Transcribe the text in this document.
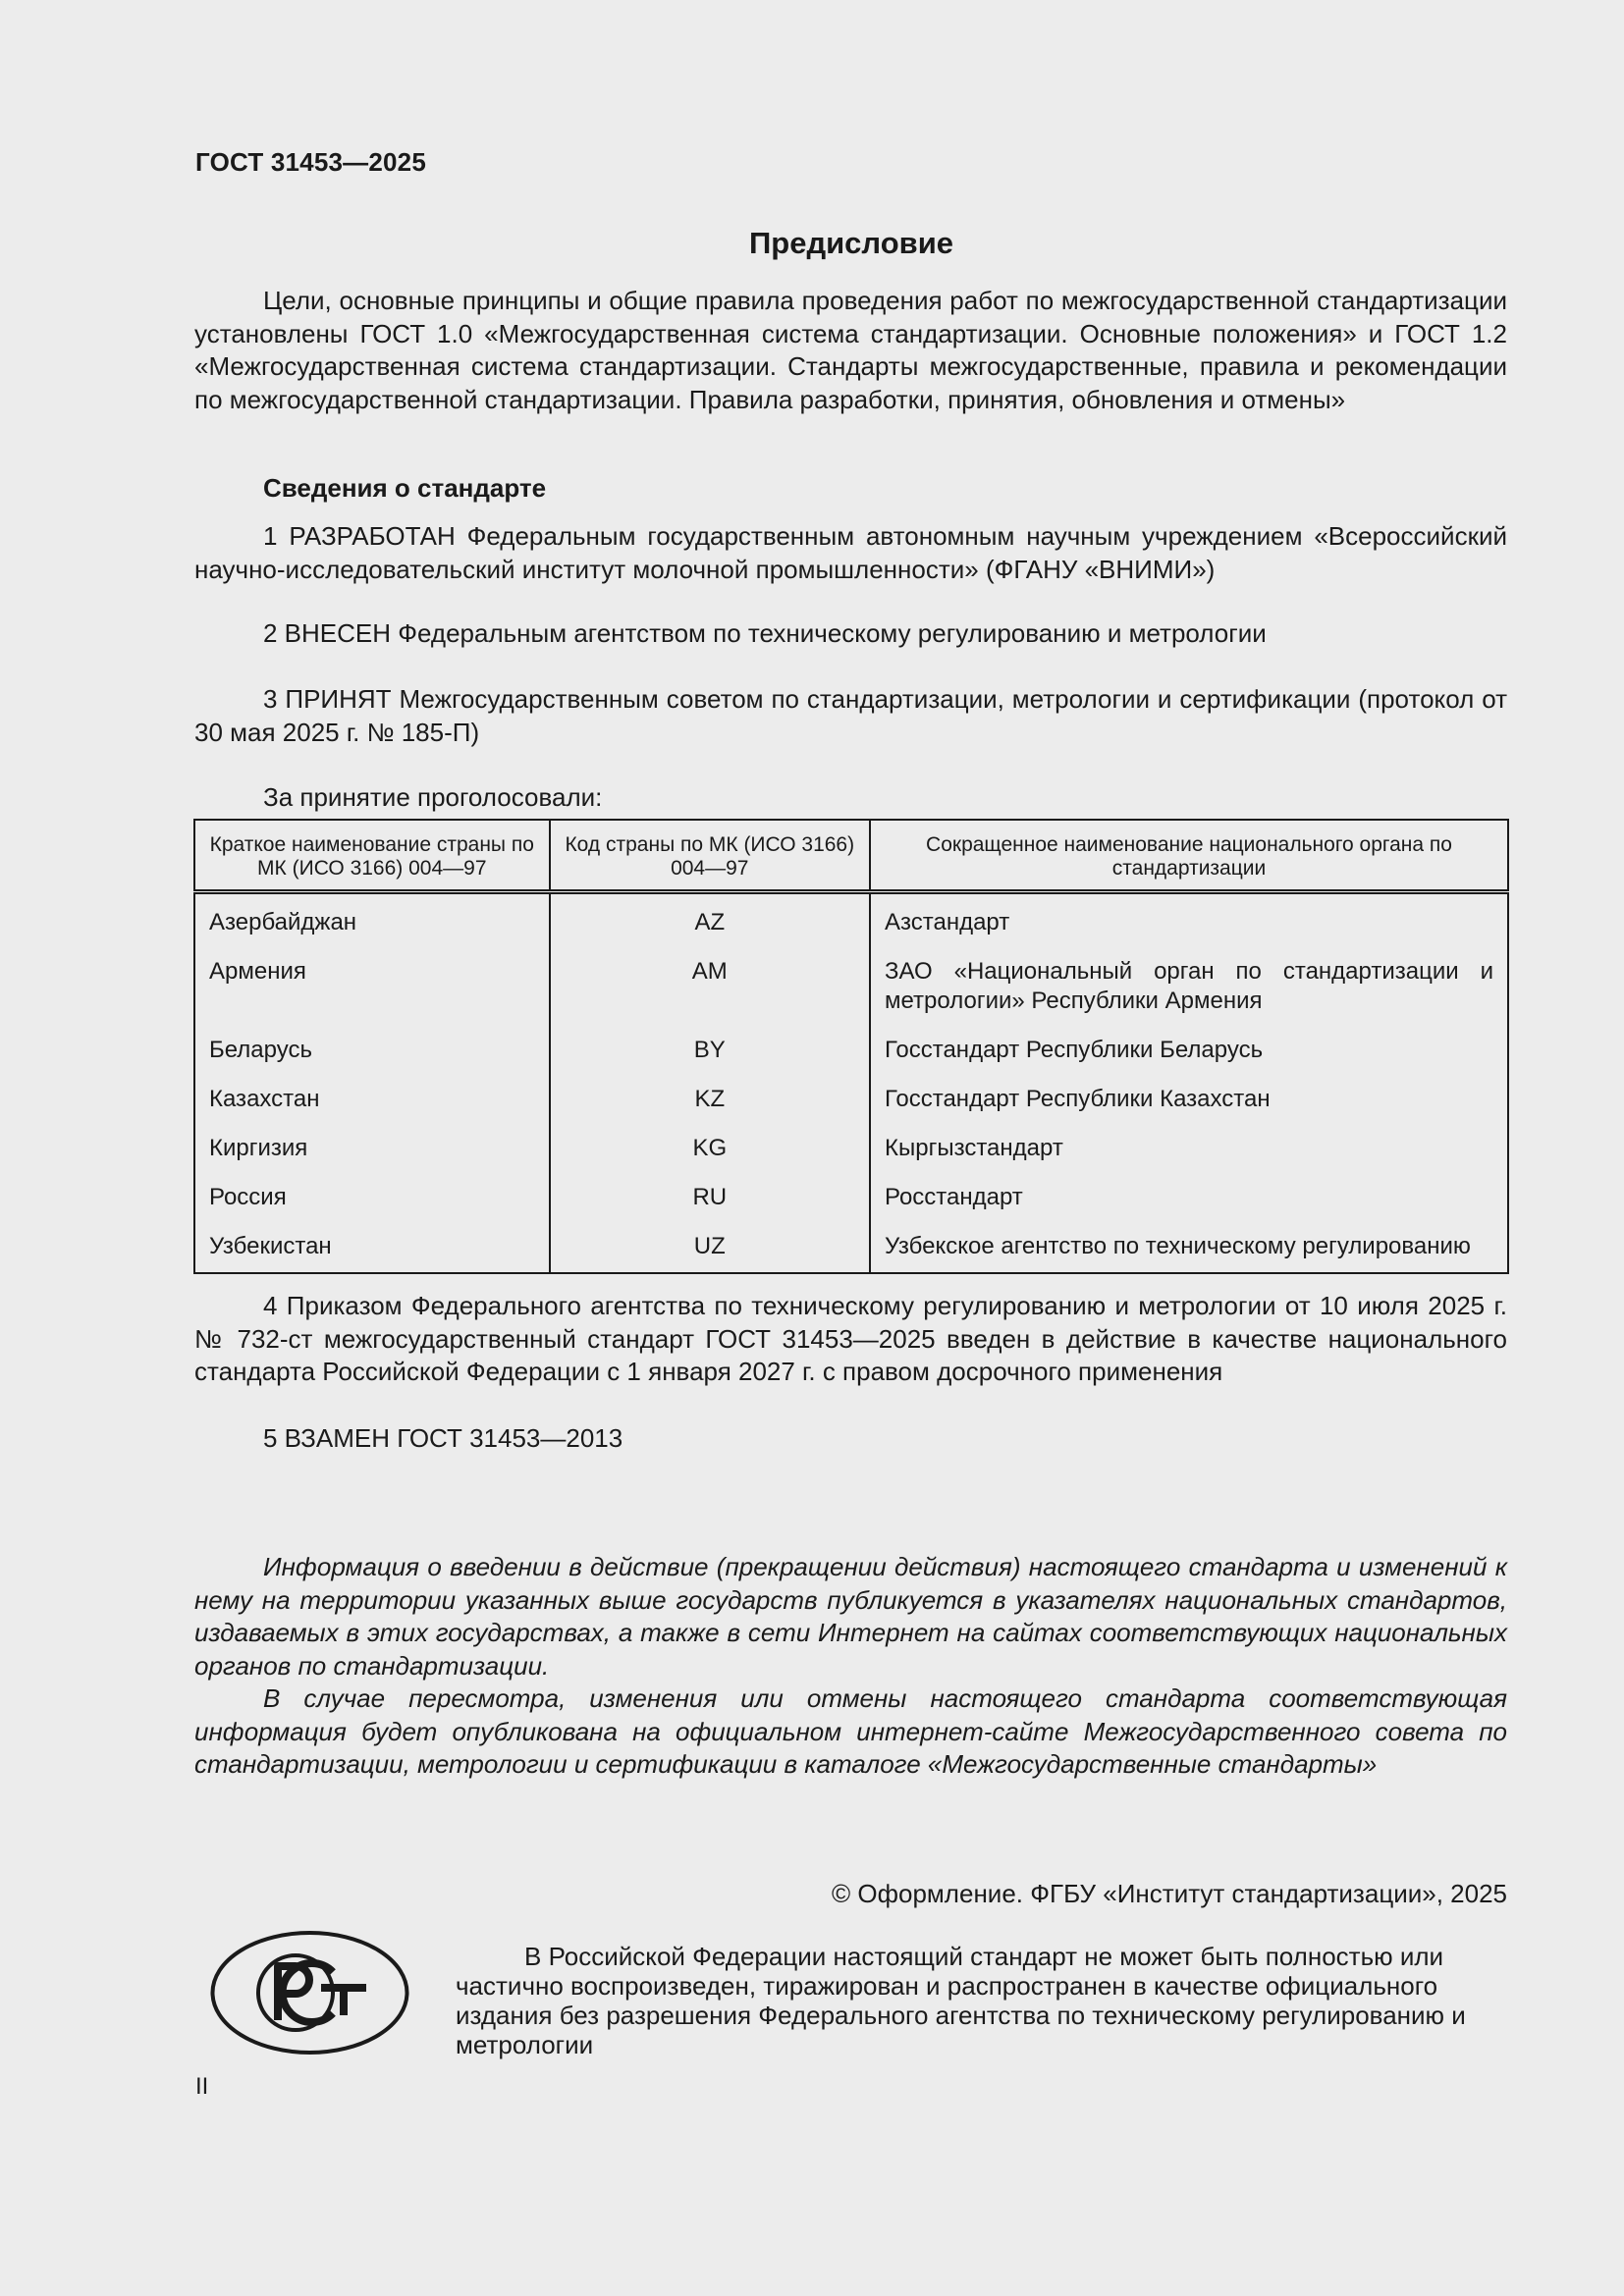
ГОСТ 31453—2025
Предисловие

Цели, основные принципы и общие правила проведения работ по межгосударственной стандартизации установлены ГОСТ 1.0 «Межгосударственная система стандартизации. Основные положения» и ГОСТ 1.2 «Межгосударственная система стандартизации. Стандарты межгосударственные, правила и рекомендации по межгосударственной стандартизации. Правила разработки, принятия, обновления и отмены»

Сведения о стандарте

1 РАЗРАБОТАН Федеральным государственным автономным научным учреждением «Всероссийский научно-исследовательский институт молочной промышленности» (ФГАНУ «ВНИМИ»)

2 ВНЕСЕН Федеральным агентством по техническому регулированию и метрологии

3 ПРИНЯТ Межгосударственным советом по стандартизации, метрологии и сертификации (протокол от 30 мая 2025 г. № 185-П)

За принятие проголосовали:

Краткое наименование страны по МК (ИСО 3166) 004—97	Код страны по МК (ИСО 3166) 004—97	Сокращенное наименование национального органа по стандартизации
Азербайджан	AZ	Азстандарт
Армения	AM	ЗАО «Национальный орган по стандартизации и метрологии» Республики Армения
Беларусь	BY	Госстандарт Республики Беларусь
Казахстан	KZ	Госстандарт Республики Казахстан
Киргизия	KG	Кыргызстандарт
Россия	RU	Росстандарт
Узбекистан	UZ	Узбекское агентство по техническому регулированию

4 Приказом Федерального агентства по техническому регулированию и метрологии от 10 июля 2025 г. № 732-ст межгосударственный стандарт ГОСТ 31453—2025 введен в действие в качестве национального стандарта Российской Федерации с 1 января 2027 г. с правом досрочного применения

5 ВЗАМЕН ГОСТ 31453—2013

Информация о введении в действие (прекращении действия) настоящего стандарта и изменений к нему на территории указанных выше государств публикуется в указателях национальных стандартов, издаваемых в этих государствах, а также в сети Интернет на сайтах соответствующих национальных органов по стандартизации.

В случае пересмотра, изменения или отмены настоящего стандарта соответствующая информация будет опубликована на официальном интернет-сайте Межгосударственного совета по стандартизации, метрологии и сертификации в каталоге «Межгосударственные стандарты»

© Оформление. ФГБУ «Институт стандартизации», 2025

В Российской Федерации настоящий стандарт не может быть полностью или частично воспроизведен, тиражирован и распространен в качестве официального издания без разрешения Федерального агентства по техническому регулированию и метрологии

II
